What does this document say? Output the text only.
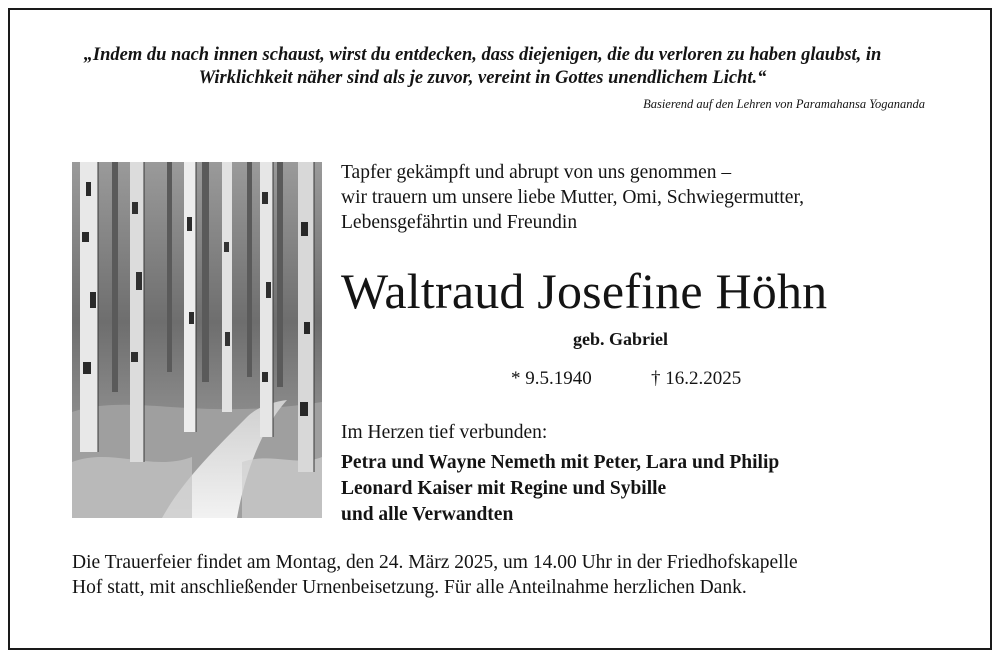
„Indem du nach innen schaust, wirst du entdecken, dass diejenigen, die du verloren zu haben glaubst, in Wirklichkeit näher sind als je zuvor, vereint in Gottes unendlichem Licht.“

Basierend auf den Lehren von Paramahansa Yogananda

Tapfer gekämpft und abrupt von uns genommen –
wir trauern um unsere liebe Mutter, Omi, Schwiegermutter,
Lebensgefährtin und Freundin

Waltraud Josefine Höhn

geb. Gabriel

* 9.5.1940	† 16.2.2025

Im Herzen tief verbunden:

Petra und Wayne Nemeth mit Peter, Lara und Philip
Leonard Kaiser mit Regine und Sybille
und alle Verwandten

Die Trauerfeier findet am Montag, den 24. März 2025, um 14.00 Uhr in der Friedhofskapelle
Hof statt, mit anschließender Urnenbeisetzung. Für alle Anteilnahme herzlichen Dank.
